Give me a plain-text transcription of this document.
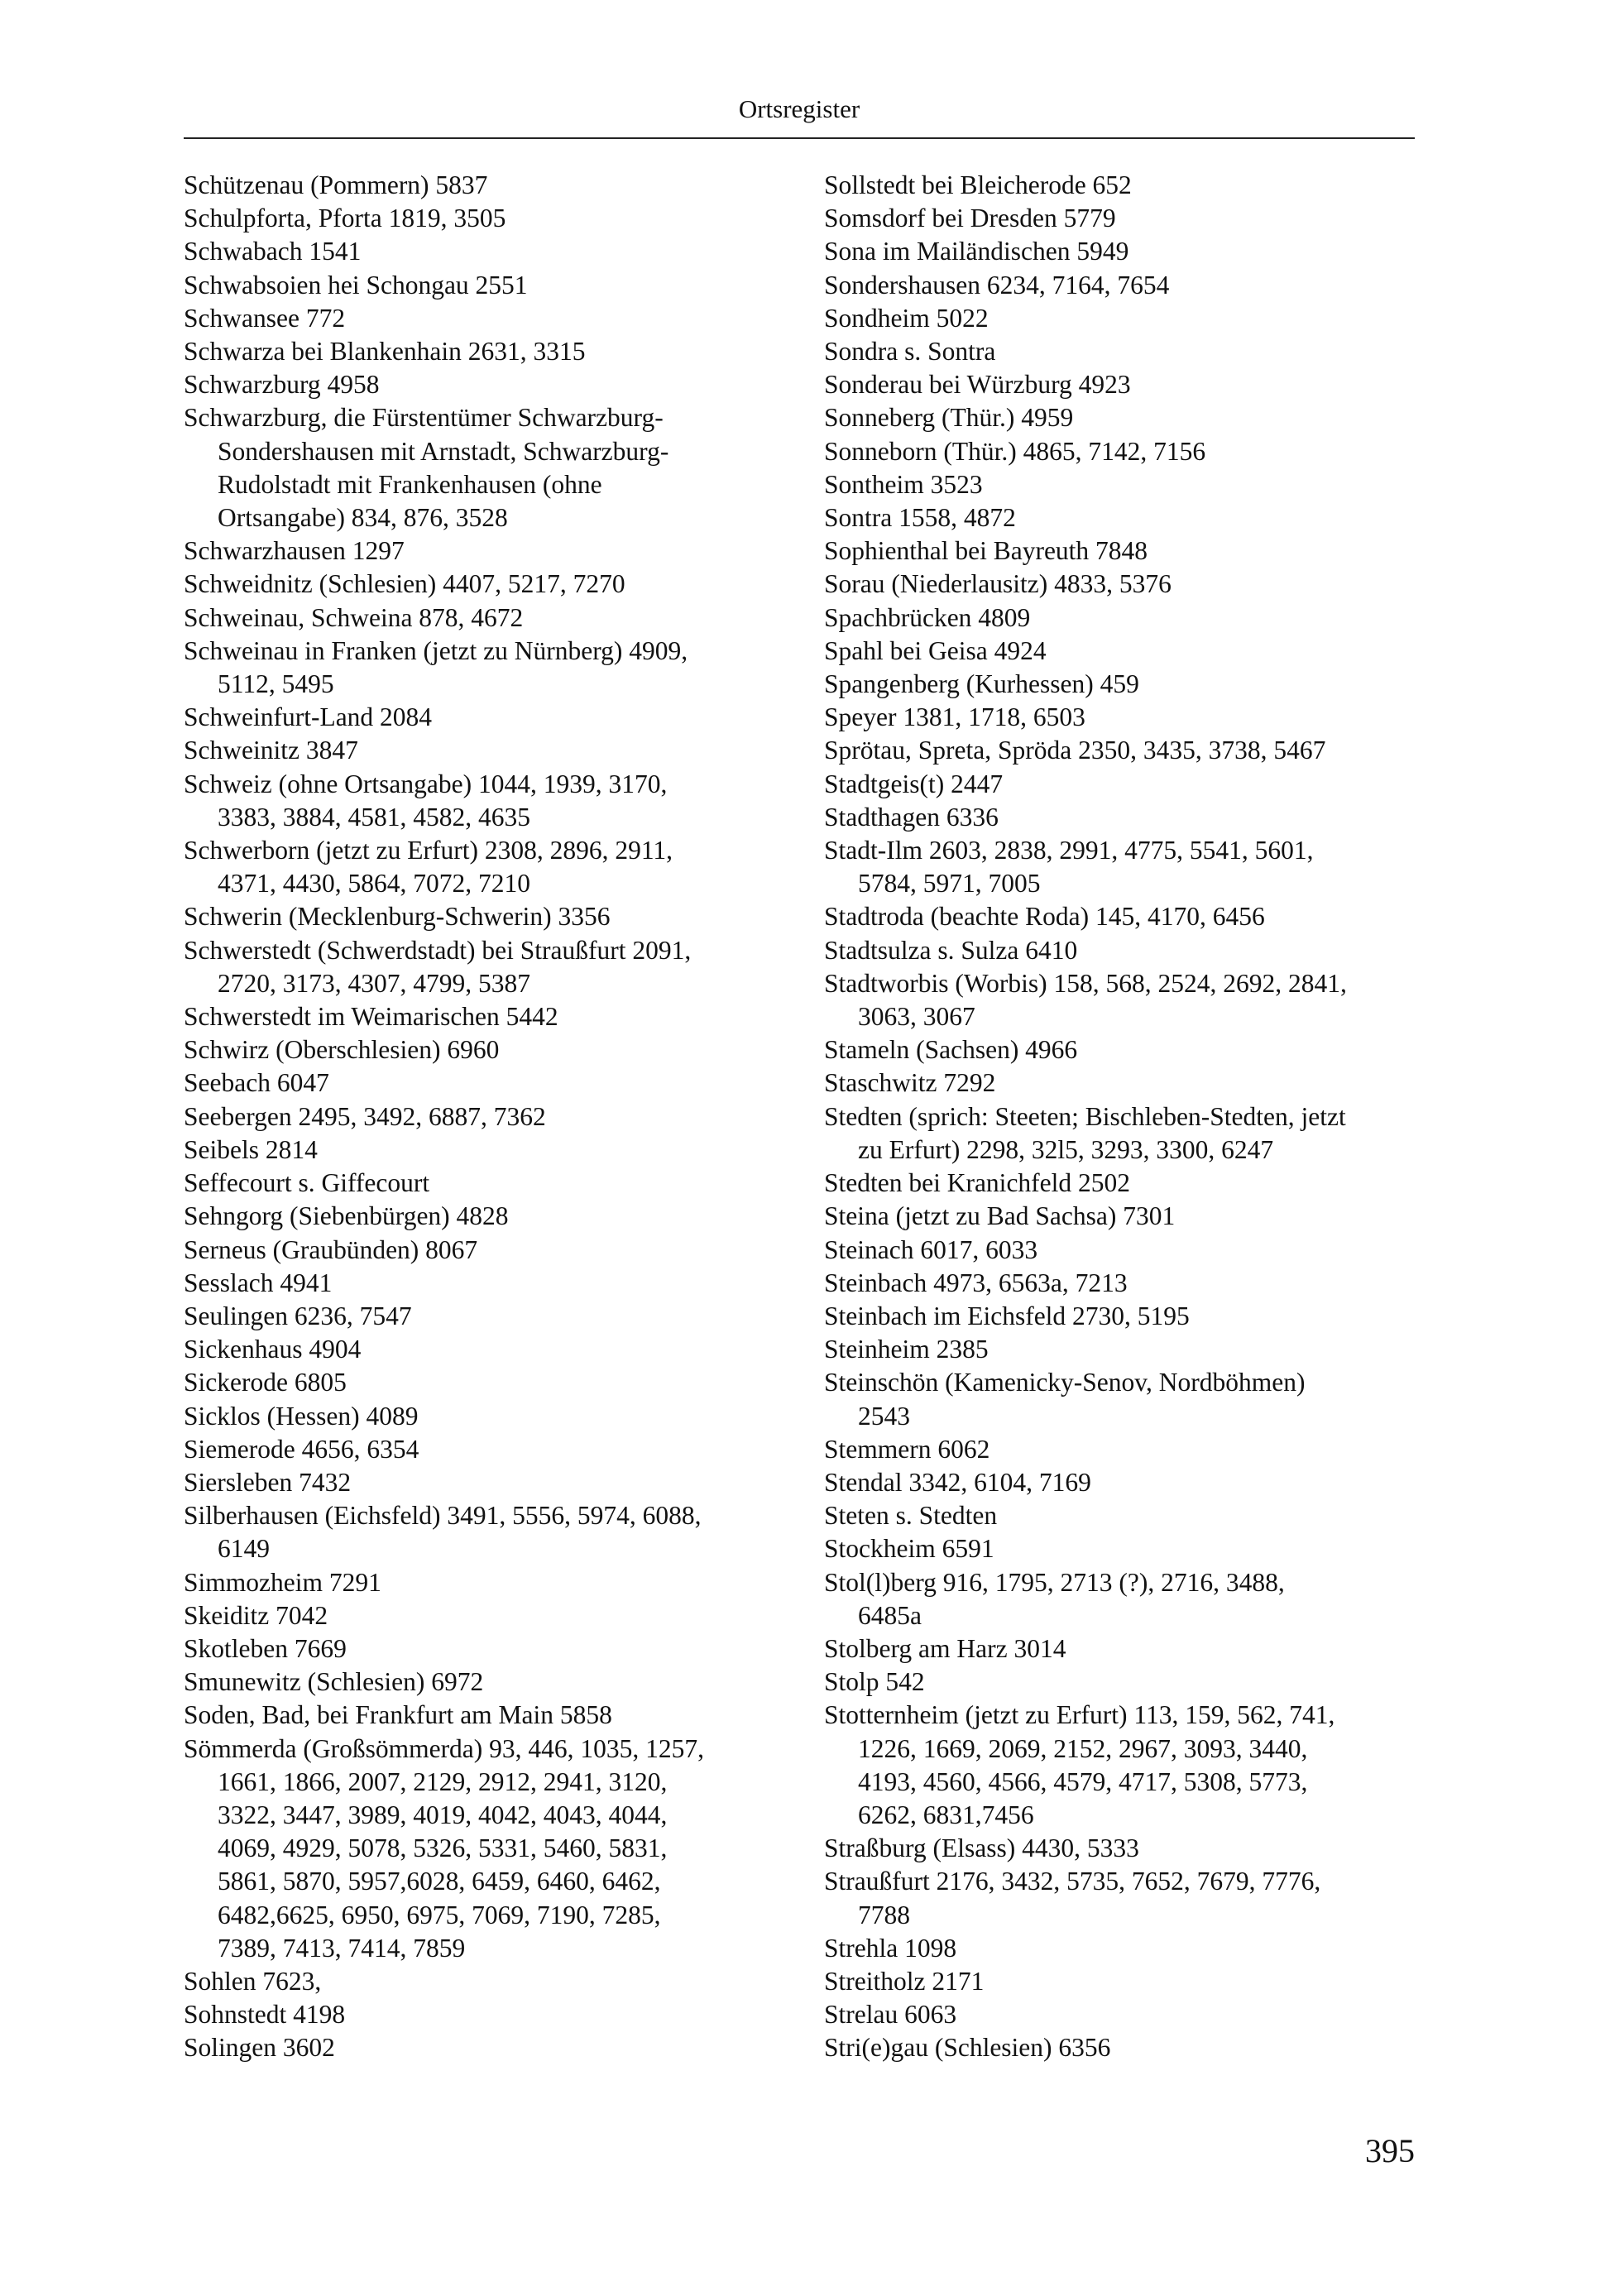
Ortsregister
Schützenau (Pommern) 5837
Schulpforta, Pforta 1819, 3505
Schwabach 1541
Schwabsoien hei Schongau 2551
Schwansee 772
Schwarza bei Blankenhain 2631, 3315
Schwarzburg 4958
Schwarzburg, die Fürstentümer Schwarzburg-
Sondershausen mit Arnstadt, Schwarzburg-
Rudolstadt mit Frankenhausen (ohne
Ortsangabe) 834, 876, 3528
Schwarzhausen 1297
Schweidnitz (Schlesien) 4407, 5217, 7270
Schweinau, Schweina 878, 4672
Schweinau in Franken (jetzt zu Nürnberg) 4909,
5112, 5495
Schweinfurt-Land 2084
Schweinitz 3847
Schweiz (ohne Ortsangabe) 1044, 1939, 3170,
3383, 3884, 4581, 4582, 4635
Schwerborn (jetzt zu Erfurt) 2308, 2896, 2911,
4371, 4430, 5864, 7072, 7210
Schwerin (Mecklenburg-Schwerin) 3356
Schwerstedt (Schwerdstadt) bei Straußfurt 2091,
2720, 3173, 4307, 4799, 5387
Schwerstedt im Weimarischen 5442
Schwirz (Oberschlesien) 6960
Seebach 6047
Seebergen 2495, 3492, 6887, 7362
Seibels 2814
Seffecourt s. Giffecourt
Sehngorg (Siebenbürgen) 4828
Serneus (Graubünden) 8067
Sesslach 4941
Seulingen 6236, 7547
Sickenhaus 4904
Sickerode 6805
Sicklos (Hessen) 4089
Siemerode 4656, 6354
Siersleben 7432
Silberhausen (Eichsfeld) 3491, 5556, 5974, 6088,
6149
Simmozheim 7291
Skeiditz 7042
Skotleben 7669
Smunewitz (Schlesien) 6972
Soden, Bad, bei Frankfurt am Main 5858
Sömmerda (Großsömmerda) 93, 446, 1035, 1257,
1661, 1866, 2007, 2129, 2912, 2941, 3120,
3322, 3447, 3989, 4019, 4042, 4043, 4044,
4069, 4929, 5078, 5326, 5331, 5460, 5831,
5861, 5870, 5957,6028, 6459, 6460, 6462,
6482,6625, 6950, 6975, 7069, 7190, 7285,
7389, 7413, 7414, 7859
Sohlen 7623,
Sohnstedt 4198
Solingen 3602
Sollstedt bei Bleicherode 652
Somsdorf bei Dresden 5779
Sona im Mailändischen 5949
Sondershausen 6234, 7164, 7654
Sondheim 5022
Sondra s. Sontra
Sonderau bei Würzburg 4923
Sonneberg (Thür.) 4959
Sonneborn (Thür.) 4865, 7142, 7156
Sontheim 3523
Sontra 1558, 4872
Sophienthal bei Bayreuth 7848
Sorau (Niederlausitz) 4833, 5376
Spachbrücken 4809
Spahl bei Geisa 4924
Spangenberg (Kurhessen) 459
Speyer 1381, 1718, 6503
Sprötau, Spreta, Spröda 2350, 3435, 3738, 5467
Stadtgeis(t) 2447
Stadthagen 6336
Stadt-Ilm 2603, 2838, 2991, 4775, 5541, 5601,
5784, 5971, 7005
Stadtroda (beachte Roda) 145, 4170, 6456
Stadtsulza s. Sulza 6410
Stadtworbis (Worbis) 158, 568, 2524, 2692, 2841,
3063, 3067
Stameln (Sachsen) 4966
Staschwitz 7292
Stedten (sprich: Steeten; Bischleben-Stedten, jetzt
zu Erfurt) 2298, 32l5, 3293, 3300, 6247
Stedten bei Kranichfeld 2502
Steina (jetzt zu Bad Sachsa) 7301
Steinach 6017, 6033
Steinbach 4973, 6563a, 7213
Steinbach im Eichsfeld 2730, 5195
Steinheim 2385
Steinschön (Kamenicky-Senov, Nordböhmen)
2543
Stemmern 6062
Stendal 3342, 6104, 7169
Steten s. Stedten
Stockheim 6591
Stol(l)berg 916, 1795, 2713 (?), 2716, 3488,
6485a
Stolberg am Harz 3014
Stolp 542
Stotternheim (jetzt zu Erfurt) 113, 159, 562, 741,
1226, 1669, 2069, 2152, 2967, 3093, 3440,
4193, 4560, 4566, 4579, 4717, 5308, 5773,
6262, 6831,7456
Straßburg (Elsass) 4430, 5333
Straußfurt 2176, 3432, 5735, 7652, 7679, 7776,
7788
Strehla 1098
Streitholz 2171
Strelau 6063
Stri(e)gau (Schlesien) 6356
395
